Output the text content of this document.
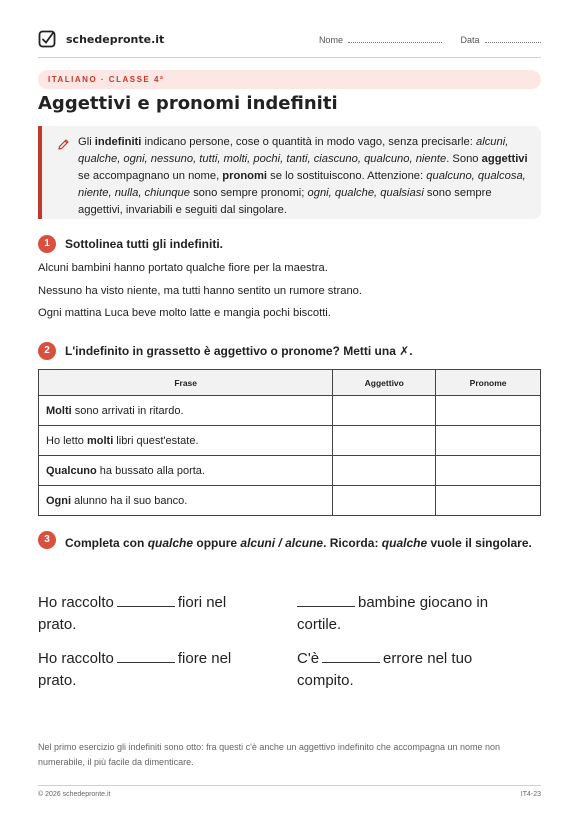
schedepronte.it	Nome	Data
ITALIANO · CLASSE 4ª
Aggettivi e pronomi indefiniti
Gli indefiniti indicano persone, cose o quantità in modo vago, senza precisarle: alcuni, qualche, ogni, nessuno, tutti, molti, pochi, tanti, ciascuno, qualcuno, niente. Sono aggettivi se accompagnano un nome, pronomi se lo sostituiscono. Attenzione: qualcuno, qualcosa, niente, nulla, chiunque sono sempre pronomi; ogni, qualche, qualsiasi sono sempre aggettivi, invariabili e seguiti dal singolare.
1	Sottolinea tutti gli indefiniti.
Alcuni bambini hanno portato qualche fiore per la maestra.
Nessuno ha visto niente, ma tutti hanno sentito un rumore strano.
Ogni mattina Luca beve molto latte e mangia pochi biscotti.
2	L'indefinito in grassetto è aggettivo o pronome? Metti una ✗.
Frase	Aggettivo	Pronome
Molti sono arrivati in ritardo.		
Ho letto molti libri quest'estate.		
Qualcuno ha bussato alla porta.		
Ogni alunno ha il suo banco.		
3	Completa con qualche oppure alcuni / alcune. Ricorda: qualche vuole il singolare.
Ho raccolto	fiori nel prato.
bambine giocano in cortile.
Ho raccolto	fiore nel prato.
C'è	errore nel tuo compito.
Nel primo esercizio gli indefiniti sono otto: fra questi c'è anche un aggettivo indefinito che accompagna un nome non numerabile, il più facile da dimenticare.
© 2026 schedepronte.it	IT4-23
